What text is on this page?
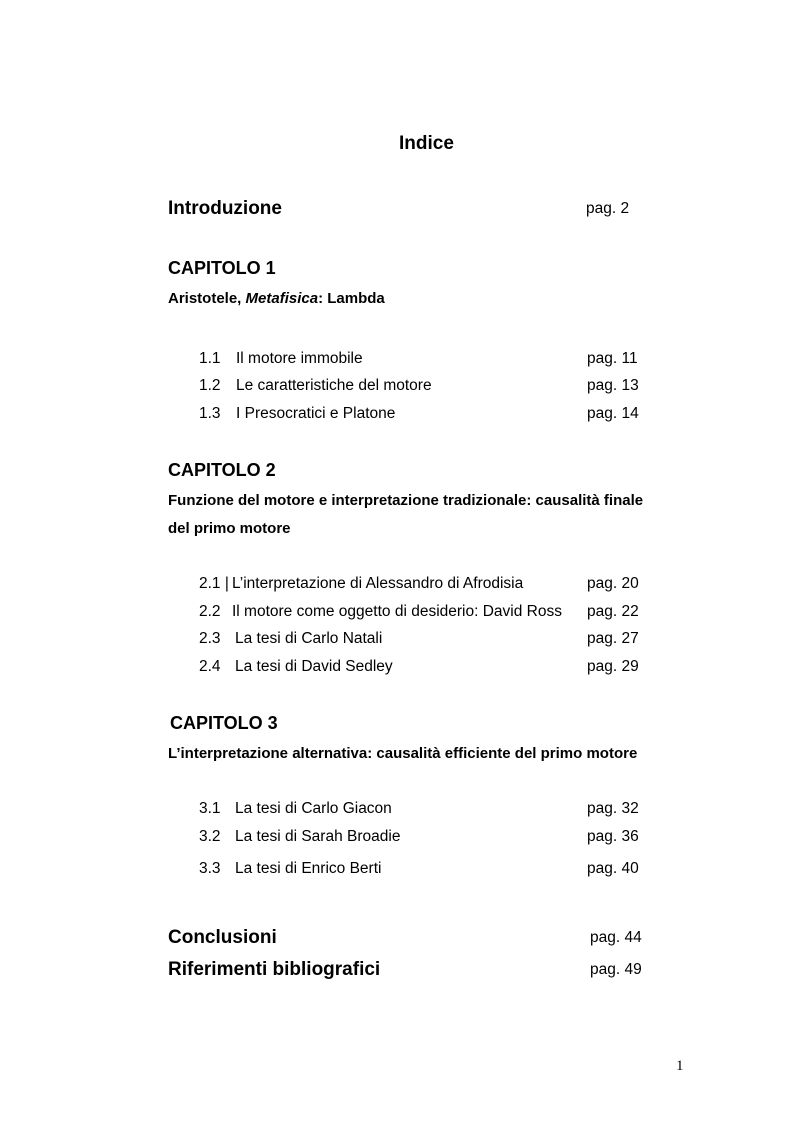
Indice
Introduzione	pag. 2
CAPITOLO 1
Aristotele, Metafisica: Lambda
1.1 Il motore immobile	pag. 11
1.2 Le caratteristiche del motore	pag. 13
1.3 I Presocratici e Platone	pag. 14
CAPITOLO 2
Funzione del motore e interpretazione tradizionale: causalità finale
del primo motore
2.1 | L’interpretazione di Alessandro di Afrodisia	pag. 20
2.2 Il motore come oggetto di desiderio: David Ross pag. 22
2.3 La tesi di Carlo Natali	pag. 27
2.4 La tesi di David Sedley	pag. 29
CAPITOLO 3
L’interpretazione alternativa: causalità efficiente del primo motore
3.1 La tesi di Carlo Giacon	pag. 32
3.2 La tesi di Sarah Broadie	pag. 36
3.3 La tesi di Enrico Berti	pag. 40
Conclusioni	pag. 44
Riferimenti bibliografici	pag. 49
1
